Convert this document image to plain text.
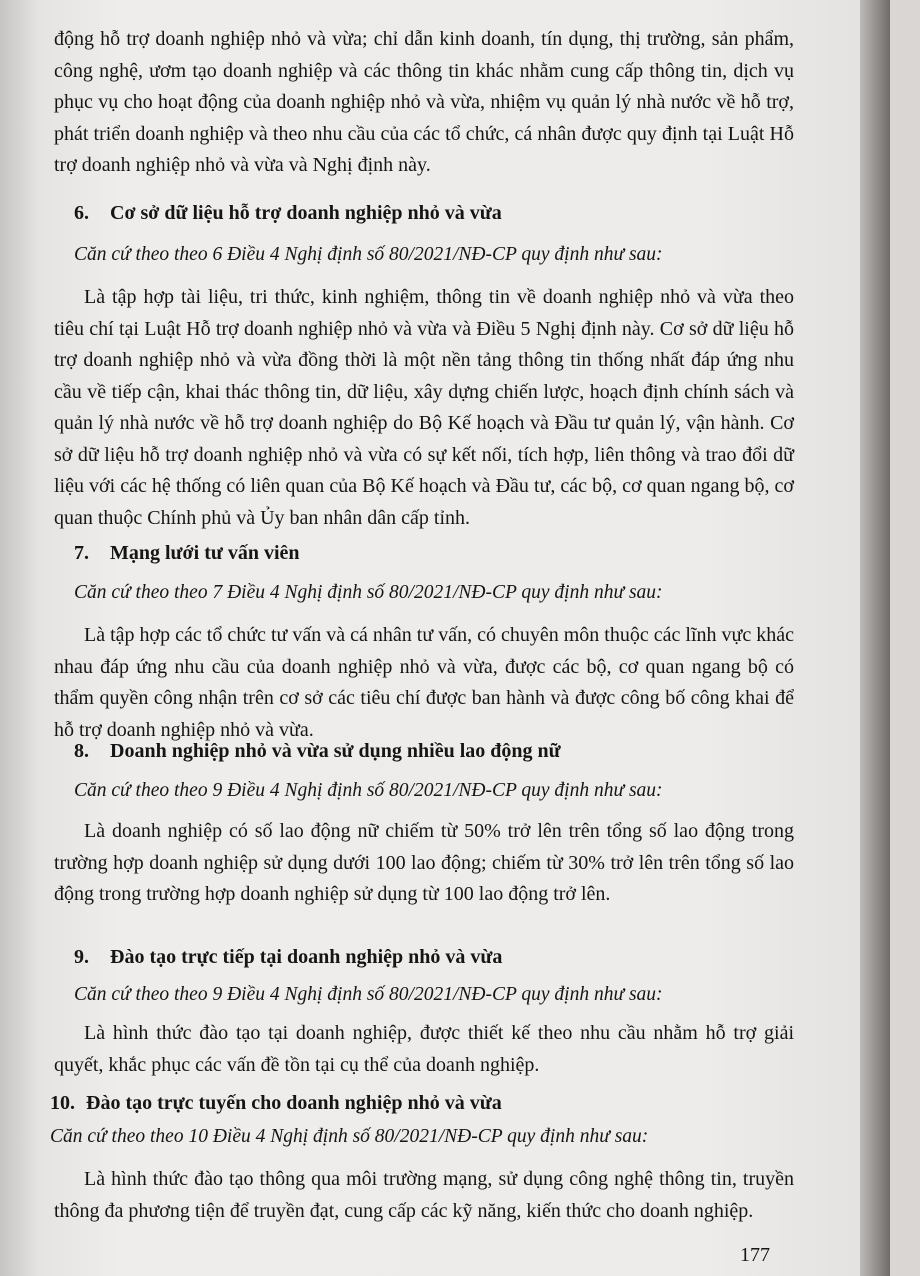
động hỗ trợ doanh nghiệp nhỏ và vừa; chỉ dẫn kinh doanh, tín dụng, thị trường, sản phẩm, công nghệ, ươm tạo doanh nghiệp và các thông tin khác nhằm cung cấp thông tin, dịch vụ phục vụ cho hoạt động của doanh nghiệp nhỏ và vừa, nhiệm vụ quản lý nhà nước về hỗ trợ, phát triển doanh nghiệp và theo nhu cầu của các tổ chức, cá nhân được quy định tại Luật Hỗ trợ doanh nghiệp nhỏ và vừa và Nghị định này.

6. Cơ sở dữ liệu hỗ trợ doanh nghiệp nhỏ và vừa
Căn cứ theo theo 6 Điều 4 Nghị định số 80/2021/NĐ-CP quy định như sau:

Là tập hợp tài liệu, tri thức, kinh nghiệm, thông tin về doanh nghiệp nhỏ và vừa theo tiêu chí tại Luật Hỗ trợ doanh nghiệp nhỏ và vừa và Điều 5 Nghị định này. Cơ sở dữ liệu hỗ trợ doanh nghiệp nhỏ và vừa đồng thời là một nền tảng thông tin thống nhất đáp ứng nhu cầu về tiếp cận, khai thác thông tin, dữ liệu, xây dựng chiến lược, hoạch định chính sách và quản lý nhà nước về hỗ trợ doanh nghiệp do Bộ Kế hoạch và Đầu tư quản lý, vận hành. Cơ sở dữ liệu hỗ trợ doanh nghiệp nhỏ và vừa có sự kết nối, tích hợp, liên thông và trao đổi dữ liệu với các hệ thống có liên quan của Bộ Kế hoạch và Đầu tư, các bộ, cơ quan ngang bộ, cơ quan thuộc Chính phủ và Ủy ban nhân dân cấp tỉnh.

7. Mạng lưới tư vấn viên
Căn cứ theo theo 7 Điều 4 Nghị định số 80/2021/NĐ-CP quy định như sau:

Là tập hợp các tổ chức tư vấn và cá nhân tư vấn, có chuyên môn thuộc các lĩnh vực khác nhau đáp ứng nhu cầu của doanh nghiệp nhỏ và vừa, được các bộ, cơ quan ngang bộ có thẩm quyền công nhận trên cơ sở các tiêu chí được ban hành và được công bố công khai để hỗ trợ doanh nghiệp nhỏ và vừa.

8. Doanh nghiệp nhỏ và vừa sử dụng nhiều lao động nữ
Căn cứ theo theo 9 Điều 4 Nghị định số 80/2021/NĐ-CP quy định như sau:

Là doanh nghiệp có số lao động nữ chiếm từ 50% trở lên trên tổng số lao động trong trường hợp doanh nghiệp sử dụng dưới 100 lao động; chiếm từ 30% trở lên trên tổng số lao động trong trường hợp doanh nghiệp sử dụng từ 100 lao động trở lên.

9. Đào tạo trực tiếp tại doanh nghiệp nhỏ và vừa
Căn cứ theo theo 9 Điều 4 Nghị định số 80/2021/NĐ-CP quy định như sau:

Là hình thức đào tạo tại doanh nghiệp, được thiết kế theo nhu cầu nhằm hỗ trợ giải quyết, khắc phục các vấn đề tồn tại cụ thể của doanh nghiệp.

10. Đào tạo trực tuyến cho doanh nghiệp nhỏ và vừa
Căn cứ theo theo 10 Điều 4 Nghị định số 80/2021/NĐ-CP quy định như sau:

Là hình thức đào tạo thông qua môi trường mạng, sử dụng công nghệ thông tin, truyền thông đa phương tiện để truyền đạt, cung cấp các kỹ năng, kiến thức cho doanh nghiệp.

177
